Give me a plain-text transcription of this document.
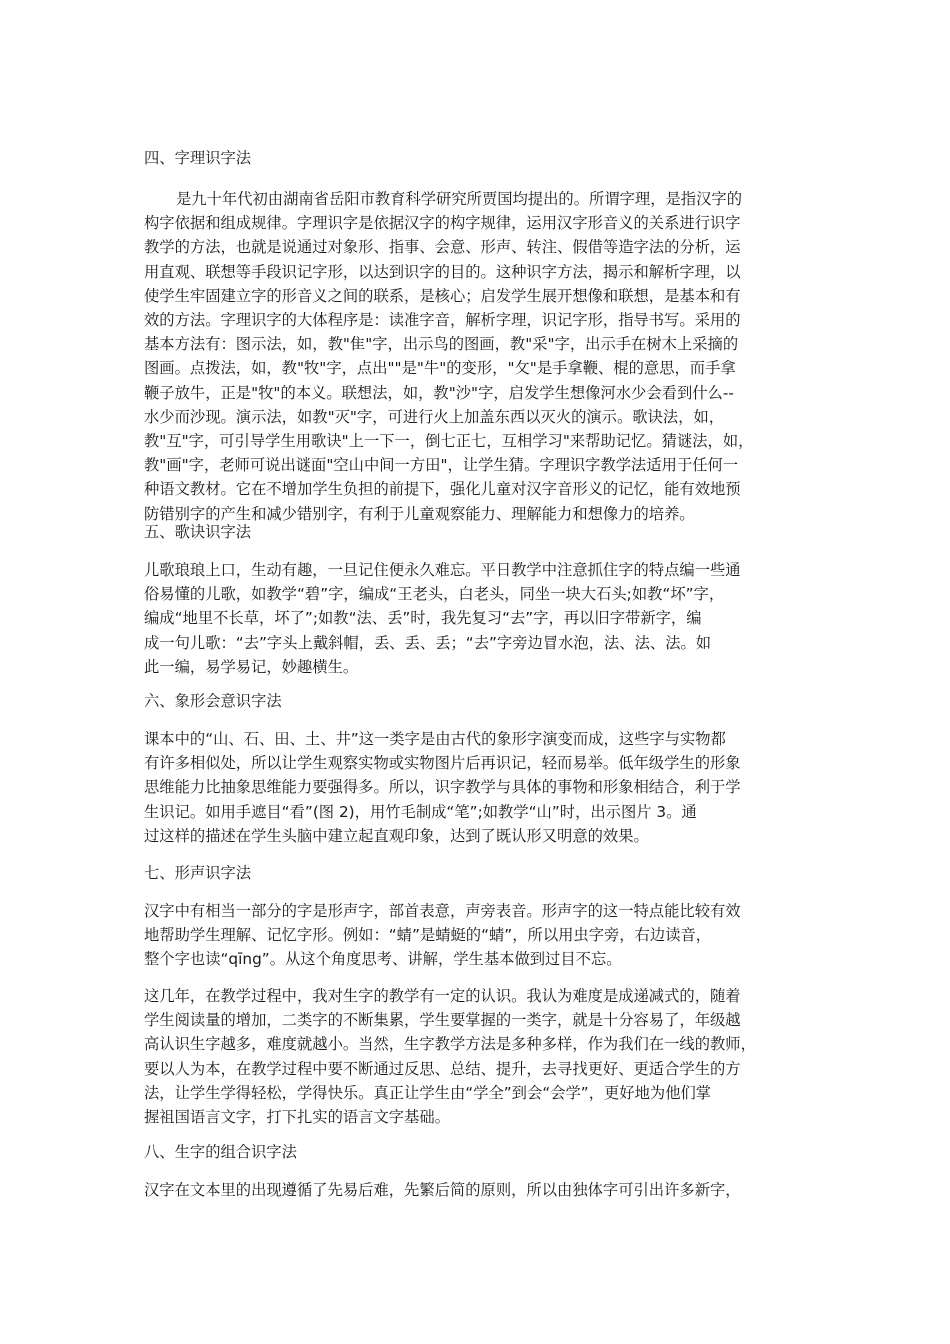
四、字理识字法
是九十年代初由湖南省岳阳市教育科学研究所贾国均提出的。所谓字理，是指汉字的
构字依据和组成规律。字理识字是依据汉字的构字规律，运用汉字形音义的关系进行识字
教学的方法，也就是说通过对象形、指事、会意、形声、转注、假借等造字法的分析，运
用直观、联想等手段识记字形，以达到识字的目的。这种识字方法，揭示和解析字理，以
使学生牢固建立字的形音义之间的联系，是核心；启发学生展开想像和联想，是基本和有
效的方法。字理识字的大体程序是：读准字音，解析字理，识记字形，指导书写。采用的
基本方法有：图示法，如，教"隹"字，出示鸟的图画，教"采"字，出示手在树木上采摘的
图画。点拨法，如，教"牧"字，点出""是"牛"的变形，"攵"是手拿鞭、棍的意思，而手拿
鞭子放牛，正是"牧"的本义。联想法，如，教"沙"字，启发学生想像河水少会看到什么--
水少而沙现。演示法，如教"灭"字，可进行火上加盖东西以灭火的演示。歌诀法，如，
教"互"字，可引导学生用歌诀"上一下一，倒七正七，互相学习"来帮助记忆。猜谜法，如，
教"画"字，老师可说出谜面"空山中间一方田"，让学生猜。字理识字教学法适用于任何一
种语文教材。它在不增加学生负担的前提下，强化儿童对汉字音形义的记忆，能有效地预
防错别字的产生和减少错别字，有利于儿童观察能力、理解能力和想像力的培养。
五、歌诀识字法
儿歌琅琅上口，生动有趣，一旦记住便永久难忘。平日教学中注意抓住字的特点编一些通
俗易懂的儿歌，如教学“碧”字，编成“王老头，白老头，同坐一块大石头;如教“坏”字，
编成“地里不长草，坏了”;如教“法、丢”时，我先复习“去”字，再以旧字带新字，编
成一句儿歌：“去”字头上戴斜帽，丢、丢、丢；“去”字旁边冒水泡，法、法、法。如
此一编，易学易记，妙趣横生。
六、象形会意识字法
课本中的“山、石、田、土、井”这一类字是由古代的象形字演变而成，这些字与实物都
有许多相似处，所以让学生观察实物或实物图片后再识记，轻而易举。低年级学生的形象
思维能力比抽象思维能力要强得多。所以，识字教学与具体的事物和形象相结合，利于学
生识记。如用手遮目“看”(图 2)，用竹毛制成“笔”;如教学“山”时，出示图片 3。通
过这样的描述在学生头脑中建立起直观印象，达到了既认形又明意的效果。
七、形声识字法
汉字中有相当一部分的字是形声字，部首表意，声旁表音。形声字的这一特点能比较有效
地帮助学生理解、记忆字形。例如：“蜻”是蜻蜓的“蜻”，所以用虫字旁，右边读音，
整个字也读“qīng”。从这个角度思考、讲解，学生基本做到过目不忘。
这几年，在教学过程中，我对生字的教学有一定的认识。我认为难度是成递减式的，随着
学生阅读量的增加，二类字的不断集累，学生要掌握的一类字，就是十分容易了，年级越
高认识生字越多，难度就越小。当然，生字教学方法是多种多样，作为我们在一线的教师，
要以人为本，在教学过程中要不断通过反思、总结、提升，去寻找更好、更适合学生的方
法，让学生学得轻松，学得快乐。真正让学生由“学全”到会“会学”，更好地为他们掌
握祖国语言文字，打下扎实的语言文字基础。
八、生字的组合识字法
汉字在文本里的出现遵循了先易后难，先繁后简的原则，所以由独体字可引出许多新字，
